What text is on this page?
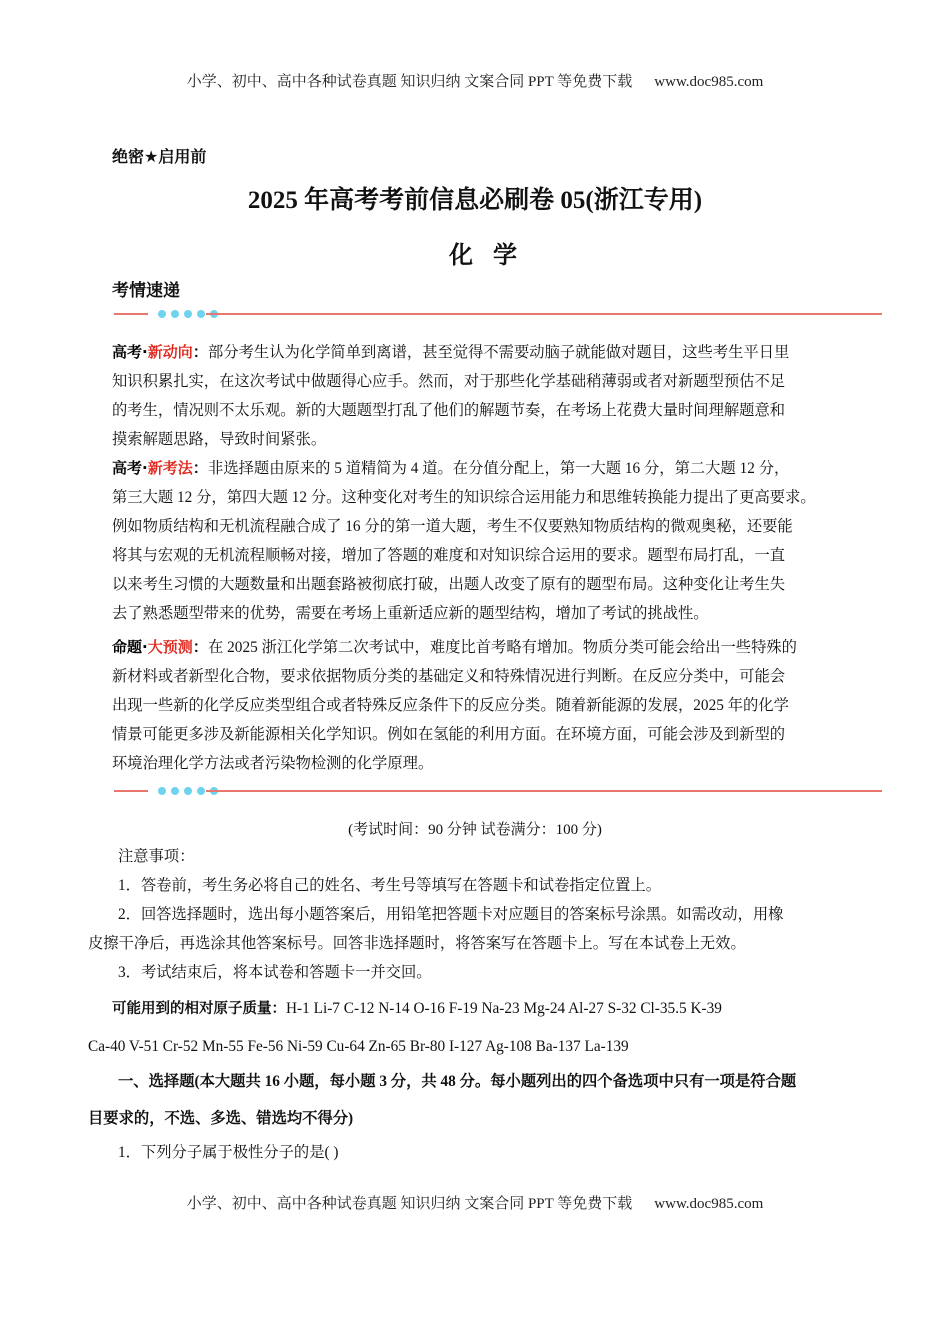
小学、初中、高中各种试卷真题 知识归纳 文案合同 PPT 等免费下载 www.doc985.com
绝密★启用前
2025 年高考考前信息必刷卷 05(浙江专用)
化学
考情速递
高考·新动向：部分考生认为化学简单到离谱，甚至觉得不需要动脑子就能做对题目，这些考生平日里
知识积累扎实，在这次考试中做题得心应手。然而，对于那些化学基础稍薄弱或者对新题型预估不足
的考生，情况则不太乐观。新的大题题型打乱了他们的解题节奏，在考场上花费大量时间理解题意和
摸索解题思路，导致时间紧张。
高考·新考法：非选择题由原来的 5 道精简为 4 道。在分值分配上，第一大题 16 分，第二大题 12 分，
第三大题 12 分，第四大题 12 分。这种变化对考生的知识综合运用能力和思维转换能力提出了更高要求。
例如物质结构和无机流程融合成了 16 分的第一道大题，考生不仅要熟知物质结构的微观奥秘，还要能
将其与宏观的无机流程顺畅对接，增加了答题的难度和对知识综合运用的要求。题型布局打乱，一直
以来考生习惯的大题数量和出题套路被彻底打破，出题人改变了原有的题型布局。这种变化让考生失
去了熟悉题型带来的优势，需要在考场上重新适应新的题型结构，增加了考试的挑战性。
命题·大预测：在 2025 浙江化学第二次考试中，难度比首考略有增加。物质分类可能会给出一些特殊的
新材料或者新型化合物，要求依据物质分类的基础定义和特殊情况进行判断。在反应分类中，可能会
出现一些新的化学反应类型组合或者特殊反应条件下的反应分类。随着新能源的发展，2025 年的化学
情景可能更多涉及新能源相关化学知识。例如在氢能的利用方面。在环境方面，可能会涉及到新型的
环境治理化学方法或者污染物检测的化学原理。
(考试时间：90 分钟 试卷满分：100 分)
注意事项：
1．答卷前，考生务必将自己的姓名、考生号等填写在答题卡和试卷指定位置上。
2．回答选择题时，选出每小题答案后，用铅笔把答题卡对应题目的答案标号涂黑。如需改动，用橡
皮擦干净后，再选涂其他答案标号。回答非选择题时，将答案写在答题卡上。写在本试卷上无效。
3．考试结束后，将本试卷和答题卡一并交回。
可能用到的相对原子质量：H-1 Li-7 C-12 N-14 O-16 F-19 Na-23 Mg-24 Al-27 S-32 Cl-35.5 K-39
Ca-40 V-51 Cr-52 Mn-55 Fe-56 Ni-59 Cu-64 Zn-65 Br-80 I-127 Ag-108 Ba-137 La-139
一、选择题(本大题共 16 小题，每小题 3 分，共 48 分。每小题列出的四个备选项中只有一项是符合题
目要求的，不选、多选、错选均不得分)
1．下列分子属于极性分子的是( )
小学、初中、高中各种试卷真题 知识归纳 文案合同 PPT 等免费下载 www.doc985.com
